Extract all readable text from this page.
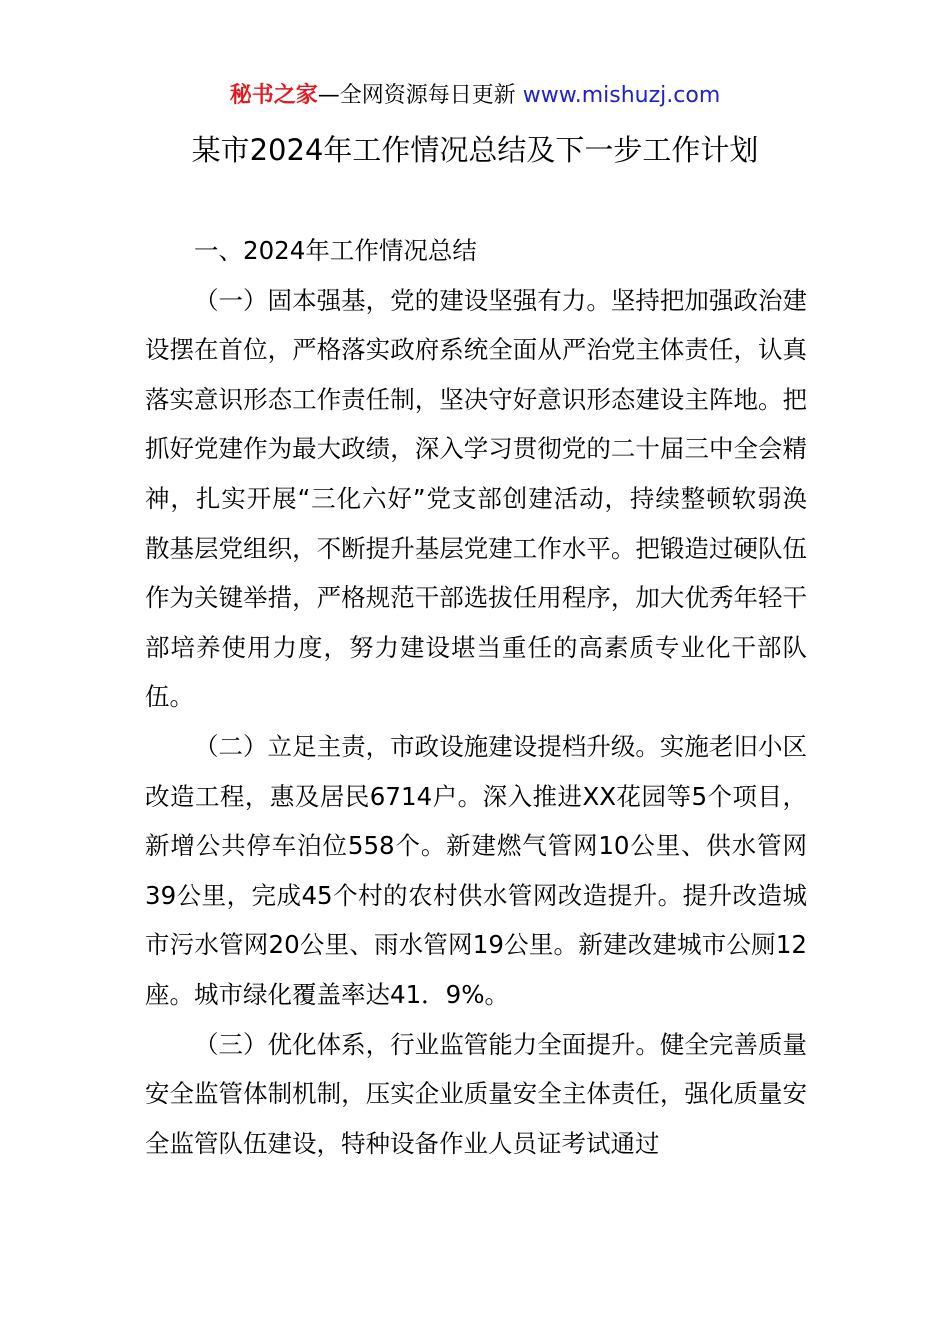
秘书之家—全网资源每日更新 www.mishuzj.com
某市2024年工作情况总结及下一步工作计划

一、2024年工作情况总结

（一）固本强基，党的建设坚强有力。坚持把加强政治建设摆在首位，严格落实政府系统全面从严治党主体责任，认真落实意识形态工作责任制，坚决守好意识形态建设主阵地。把抓好党建作为最大政绩，深入学习贯彻党的二十届三中全会精神，扎实开展“三化六好”党支部创建活动，持续整顿软弱涣散基层党组织，不断提升基层党建工作水平。把锻造过硬队伍作为关键举措，严格规范干部选拔任用程序，加大优秀年轻干部培养使用力度，努力建设堪当重任的高素质专业化干部队伍。

（二）立足主责，市政设施建设提档升级。实施老旧小区改造工程，惠及居民6714户。深入推进XX花园等5个项目，新增公共停车泊位558个。新建燃气管网10公里、供水管网39公里，完成45个村的农村供水管网改造提升。提升改造城市污水管网20公里、雨水管网19公里。新建改建城市公厕12座。城市绿化覆盖率达41．9%。

（三）优化体系，行业监管能力全面提升。健全完善质量安全监管体制机制，压实企业质量安全主体责任，强化质量安全监管队伍建设，特种设备作业人员证考试通过
